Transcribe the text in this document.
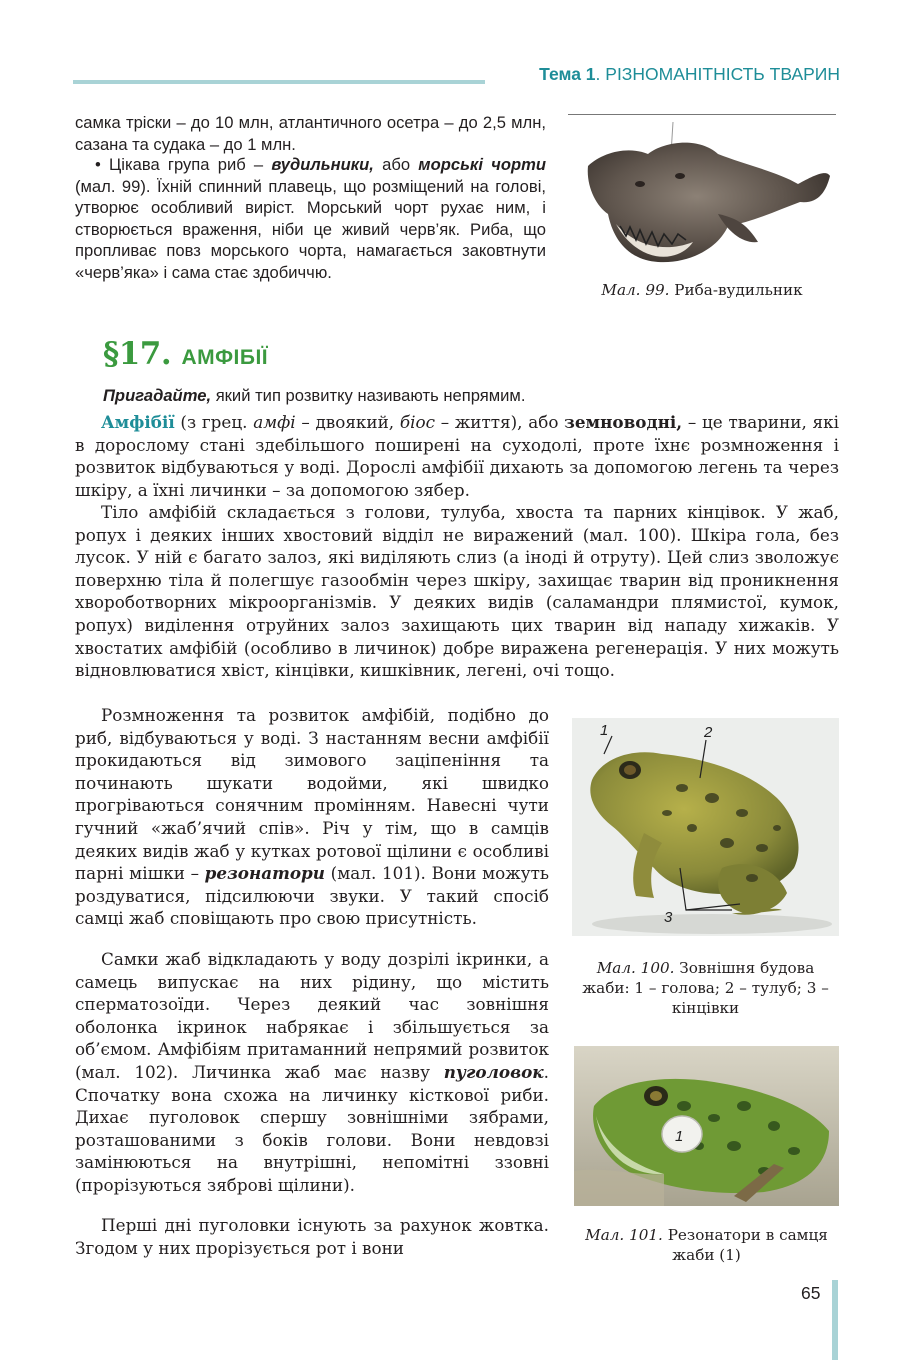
Тема 1. РІЗНОМАНІТНІСТЬ ТВАРИН

самка тріски – до 10 млн, атлантичного осетра – до 2,5 млн, сазана та судака – до 1 млн.

• Цікава група риб – вудильники, або морські чорти (мал. 99). Їхній спинний плавець, що розміщений на голові, утворює особливий виріст. Морський чорт рухає ним, і створюється враження, ніби це живий черв’як. Риба, що пропливає повз морського чорта, намагається заковтнути «черв’яка» і сама стає здобиччю.

Мал. 99. Риба-вудильник
§17. АМФІБІЇ

Пригадайте, який тип розвитку називають непрямим.

Амфібії (з грец. амфі – двоякий, біос – життя), або земноводні, – це тварини, які в дорослому стані здебільшого поширені на суходолі, проте їхнє розмноження і розвиток відбуваються у воді. Дорослі амфібії дихають за допомогою легень та через шкіру, а їхні личинки – за допомогою зябер.

Тіло амфібій складається з голови, тулуба, хвоста та парних кінцівок. У жаб, ропух і деяких інших хвостовий відділ не виражений (мал. 100). Шкіра гола, без лусок. У ній є багато залоз, які виділяють слиз (а іноді й отруту). Цей слиз зволожує поверхню тіла й полегшує газообмін через шкіру, захищає тварин від проникнення хвороботворних мікроорганізмів. У деяких видів (саламандри плямистої, кумок, ропух) виділення отруйних залоз захищають цих тварин від нападу хижаків. У хвостатих амфібій (особливо в личинок) добре виражена регенерація. У них можуть відновлюватися хвіст, кінцівки, кишківник, легені, очі тощо.

Розмноження та розвиток амфібій, подібно до риб, відбуваються у воді. З настанням весни амфібії прокидаються від зимового заціпеніння та починають шукати водойми, які швидко прогріваються сонячним промінням. Навесні чути гучний «жаб’ячий спів». Річ у тім, що в самців деяких видів жаб у кутках ротової щілини є особливі парні мішки – резонатори (мал. 101). Вони можуть роздуватися, підсилюючи звуки. У такий спосіб самці жаб сповіщають про свою присутність.

Самки жаб відкладають у воду дозрілі ікринки, а самець випускає на них рідину, що містить сперматозоїди. Через деякий час зовнішня оболонка ікринок набрякає і збільшується за об’ємом. Амфібіям притаманний непрямий розвиток (мал. 102). Личинка жаб має назву пуголовок. Спочатку вона схожа на личинку кісткової риби. Дихає пуголовок спершу зовнішніми зябрами, розташованими з боків голови. Вони невдовзі замінюються на внутрішні, непомітні ззовні (прорізуються зяброві щілини).

Перші дні пуголовки існують за рахунок жовтка. Згодом у них прорізується рот і вони

1	2
3
Мал. 100. Зовнішня будова жаби: 1 – голова; 2 – тулуб; 3 – кінцівки
1
Мал. 101. Резонатори в самця жаби (1)
65
